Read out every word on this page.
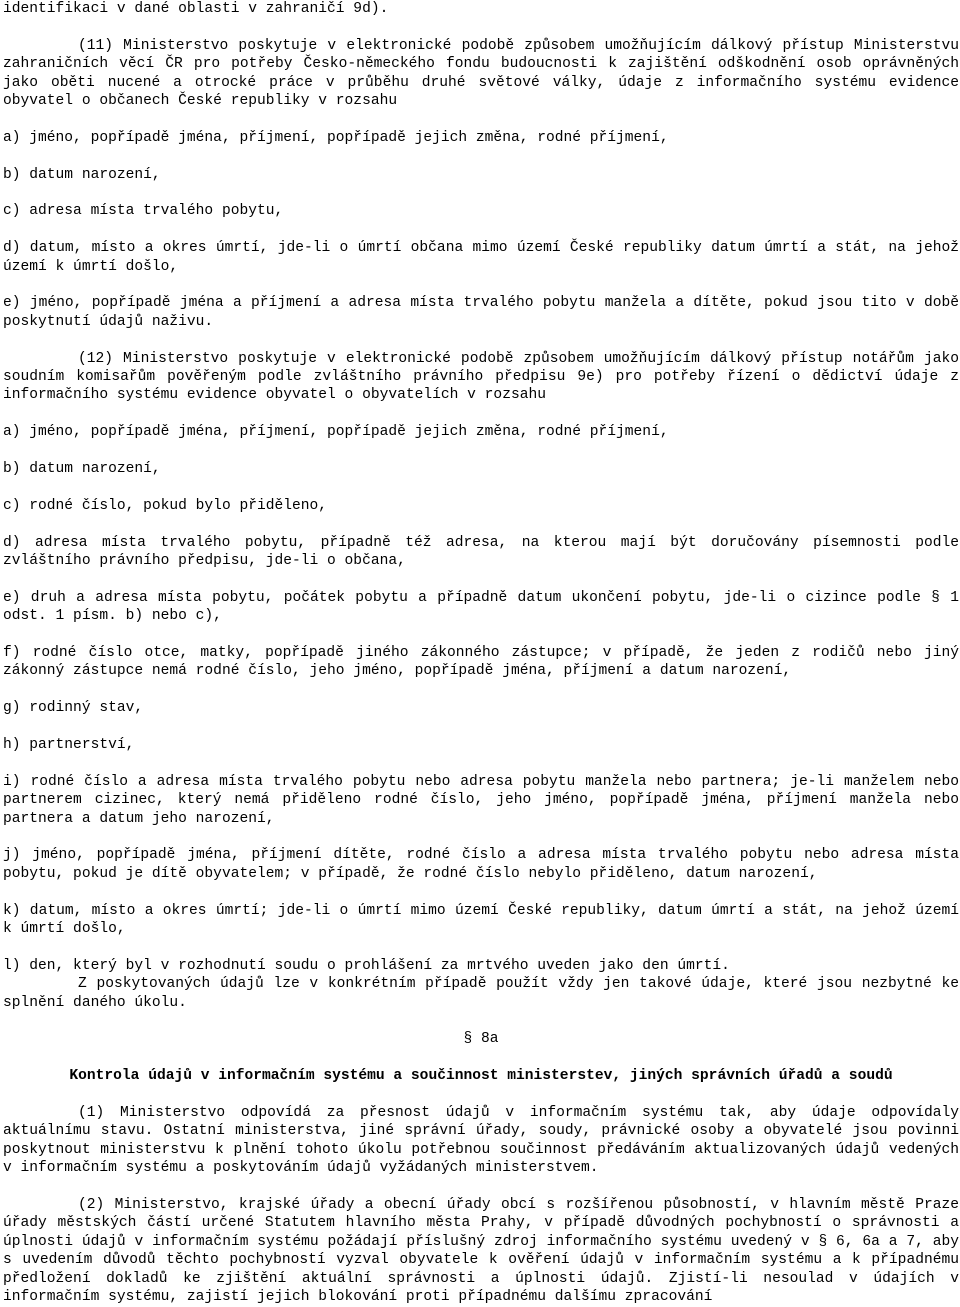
identifikaci v dané oblasti v zahraničí 9d).

(11) Ministerstvo poskytuje v elektronické podobě způsobem umožňujícím dálkový přístup Ministerstvu zahraničních věcí ČR pro potřeby Česko-německého fondu budoucnosti k zajištění odškodnění osob oprávněných jako oběti nucené a otrocké práce v průběhu druhé světové války, údaje z informačního systému evidence obyvatel o občanech České republiky v rozsahu

a) jméno, popřípadě jména, příjmení, popřípadě jejich změna, rodné příjmení,

b) datum narození,

c) adresa místa trvalého pobytu,

d) datum, místo a okres úmrtí, jde-li o úmrtí občana mimo území České republiky datum úmrtí a stát, na jehož území k úmrtí došlo,

e) jméno, popřípadě jména a příjmení a adresa místa trvalého pobytu manžela a dítěte, pokud jsou tito v době poskytnutí údajů naživu.

(12) Ministerstvo poskytuje v elektronické podobě způsobem umožňujícím dálkový přístup notářům jako soudním komisařům pověřeným podle zvláštního právního předpisu 9e) pro potřeby řízení o dědictví údaje z informačního systému evidence obyvatel o obyvatelích v rozsahu

a) jméno, popřípadě jména, příjmení, popřípadě jejich změna, rodné příjmení,

b) datum narození,

c) rodné číslo, pokud bylo přiděleno,

d) adresa místa trvalého pobytu, případně též adresa, na kterou mají být doručovány písemnosti podle zvláštního právního předpisu, jde-li o občana,

e) druh a adresa místa pobytu, počátek pobytu a případně datum ukončení pobytu, jde-li o cizince podle § 1 odst. 1 písm. b) nebo c),

f) rodné číslo otce, matky, popřípadě jiného zákonného zástupce; v případě, že jeden z rodičů nebo jiný zákonný zástupce nemá rodné číslo, jeho jméno, popřípadě jména, příjmení a datum narození,

g) rodinný stav,

h) partnerství,

i) rodné číslo a adresa místa trvalého pobytu nebo adresa pobytu manžela nebo partnera; je-li manželem nebo partnerem cizinec, který nemá přiděleno rodné číslo, jeho jméno, popřípadě jména, příjmení manžela nebo partnera a datum jeho narození,

j) jméno, popřípadě jména, příjmení dítěte, rodné číslo a adresa místa trvalého pobytu nebo adresa místa pobytu, pokud je dítě obyvatelem; v případě, že rodné číslo nebylo přiděleno, datum narození,

k) datum, místo a okres úmrtí; jde-li o úmrtí mimo území České republiky, datum úmrtí a stát, na jehož území k úmrtí došlo,

l) den, který byl v rozhodnutí soudu o prohlášení za mrtvého uveden jako den úmrtí.

Z poskytovaných údajů lze v konkrétním případě použít vždy jen takové údaje, které jsou nezbytné ke splnění daného úkolu.

§ 8a

Kontrola údajů v informačním systému a součinnost ministerstev, jiných správních úřadů a soudů

(1) Ministerstvo odpovídá za přesnost údajů v informačním systému tak, aby údaje odpovídaly aktuálnímu stavu. Ostatní ministerstva, jiné správní úřady, soudy, právnické osoby a obyvatelé jsou povinni poskytnout ministerstvu k plnění tohoto úkolu potřebnou součinnost předáváním aktualizovaných údajů vedených v informačním systému a poskytováním údajů vyžádaných ministerstvem.

(2) Ministerstvo, krajské úřady a obecní úřady obcí s rozšířenou působností, v hlavním městě Praze úřady městských částí určené Statutem hlavního města Prahy, v případě důvodných pochybností o správnosti a úplnosti údajů v informačním systému požádají příslušný zdroj informačního systému uvedený v § 6, 6a a 7, aby s uvedením důvodů těchto pochybností vyzval obyvatele k ověření údajů v informačním systému a k případnému předložení dokladů ke zjištění aktuální správnosti a úplnosti údajů. Zjistí-li nesoulad v údajích v informačním systému, zajistí jejich blokování proti případnému dalšímu zpracování
